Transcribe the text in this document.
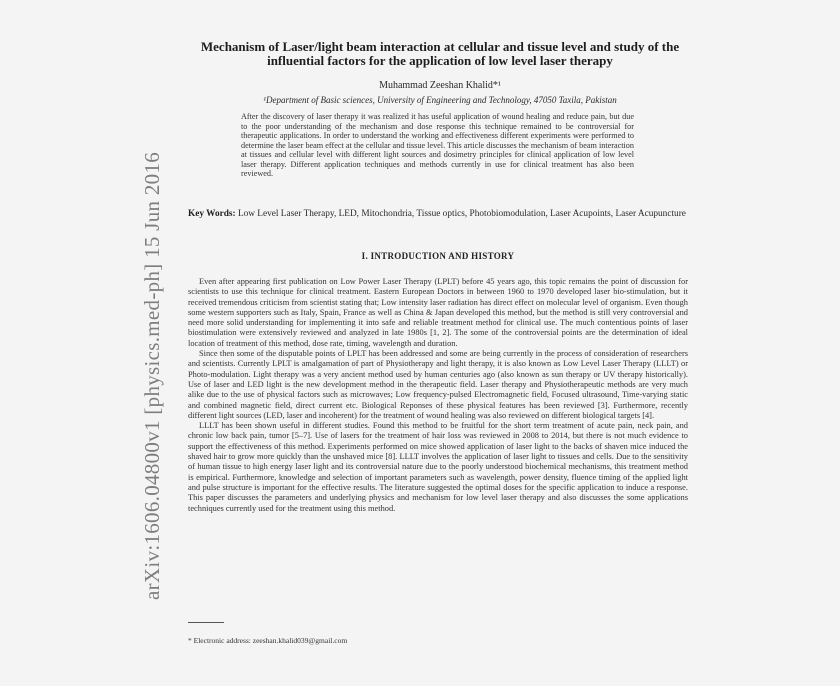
arXiv:1606.04800v1 [physics.med-ph] 15 Jun 2016
Mechanism of Laser/light beam interaction at cellular and tissue level and study of the influential factors for the application of low level laser therapy
Muhammad Zeeshan Khalid*¹
¹Department of Basic sciences, University of Engineering and Technology, 47050 Taxila, Pakistan
After the discovery of laser therapy it was realized it has useful application of wound healing and reduce pain, but due to the poor understanding of the mechanism and dose response this technique remained to be controversial for therapeutic applications. In order to understand the working and effectiveness different experiments were performed to determine the laser beam effect at the cellular and tissue level. This article discusses the mechanism of beam interaction at tissues and cellular level with different light sources and dosimetry principles for clinical application of low level laser therapy. Different application techniques and methods currently in use for clinical treatment has also been reviewed.
Key Words: Low Level Laser Therapy, LED, Mitochondria, Tissue optics, Photobiomodulation, Laser Acupoints, Laser Acupuncture
I. INTRODUCTION AND HISTORY

Even after appearing first publication on Low Power Laser Therapy (LPLT) before 45 years ago, this topic remains the point of discussion for scientists to use this technique for clinical treatment. Eastern European Doctors in between 1960 to 1970 developed laser bio-stimulation, but it received tremendous criticism from scientist stating that; Low intensity laser radiation has direct effect on molecular level of organism. Even though some western supporters such as Italy, Spain, France as well as China & Japan developed this method, but the method is still very controversial and need more solid understanding for implementing it into safe and reliable treatment method for clinical use. The much contentious points of laser biostimulation were extensively reviewed and analyzed in late 1980s [1, 2]. The some of the controversial points are the determination of ideal location of treatment of this method, dose rate, timing, wavelength and duration.

Since then some of the disputable points of LPLT has been addressed and some are being currently in the process of consideration of researchers and scientists. Currently LPLT is amalgamation of part of Physiotherapy and light therapy, it is also known as Low Level Laser Therapy (LLLT) or Photo-modulation. Light therapy was a very ancient method used by human centuries ago (also known as sun therapy or UV therapy historically). Use of laser and LED light is the new development method in the therapeutic field. Laser therapy and Physiotherapeutic methods are very much alike due to the use of physical factors such as microwaves; Low frequency-pulsed Electromagnetic field, Focused ultrasound, Time-varying static and combined magnetic field, direct current etc. Biological Reponses of these physical features has been reviewed [3]. Furthermore, recently different light sources (LED, laser and incoherent) for the treatment of wound healing was also reviewed on different biological targets [4].

LLLT has been shown useful in different studies. Found this method to be fruitful for the short term treatment of acute pain, neck pain, and chronic low back pain, tumor [5–7]. Use of lasers for the treatment of hair loss was reviewed in 2008 to 2014, but there is not much evidence to support the effectiveness of this method. Experiments performed on mice showed application of laser light to the backs of shaven mice induced the shaved hair to grow more quickly than the unshaved mice [8]. LLLT involves the application of laser light to tissues and cells. Due to the sensitivity of human tissue to high energy laser light and its controversial nature due to the poorly understood biochemical mechanisms, this treatment method is empirical. Furthermore, knowledge and selection of important parameters such as wavelength, power density, fluence timing of the applied light and pulse structure is important for the effective results. The literature suggested the optimal doses for the specific application to induce a response. This paper discusses the parameters and underlying physics and mechanism for low level laser therapy and also discusses the some applications techniques currently used for the treatment using this method.

* Electronic address: zeeshan.khalid039@gmail.com
